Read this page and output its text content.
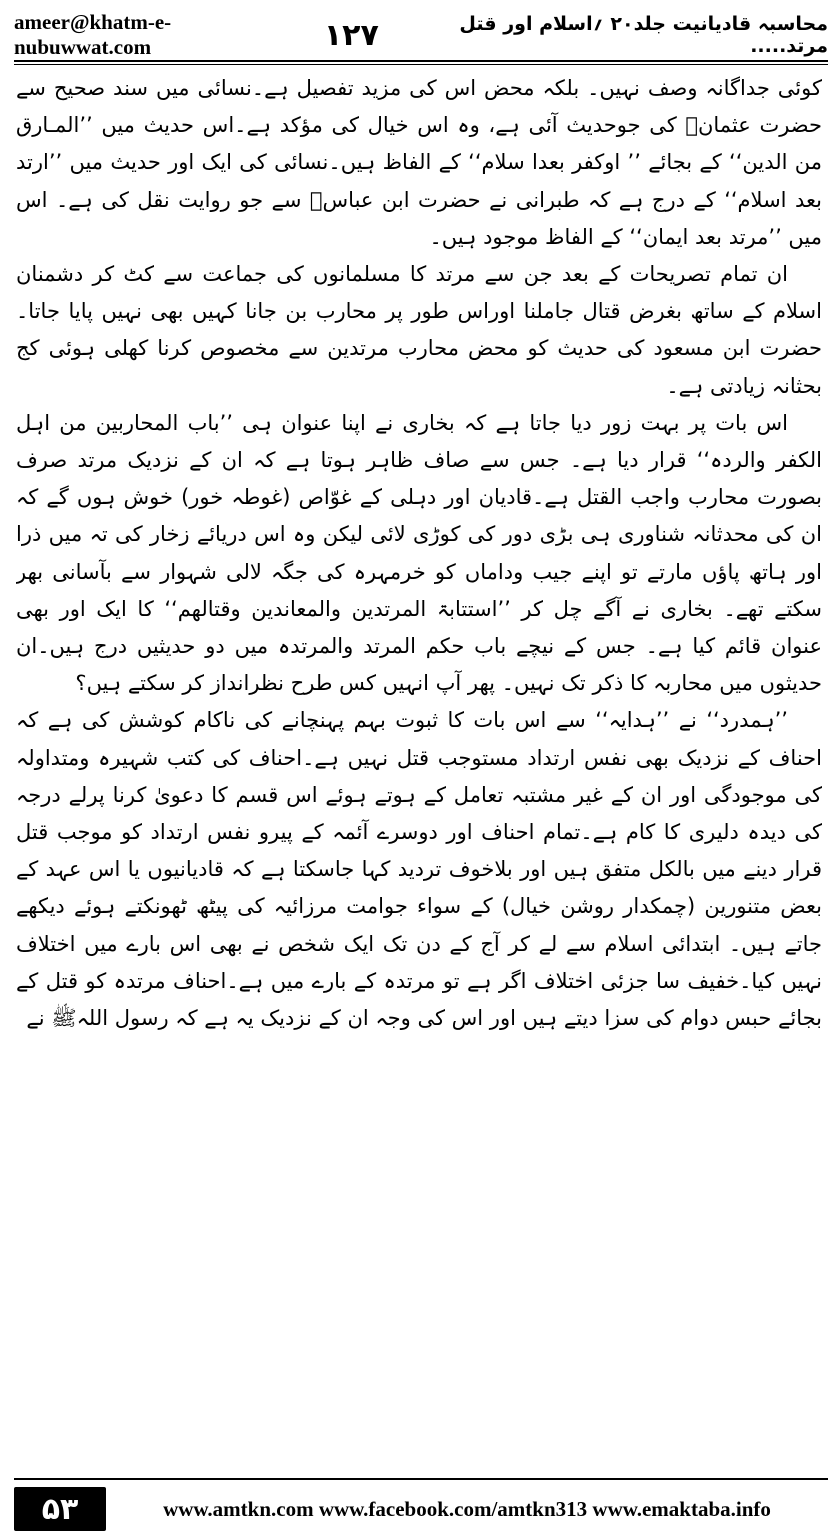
ameer@khatm-e-nubuwwat.com	۱۲۷	محاسبہ قادیانیت جلد۲۰ ؍اسلام اور قتل مرتد.....

کوئی جداگانہ وصف نہیں۔ بلکہ محض اس کی مزید تفصیل ہے۔نسائی میں سند صحیح سے حضرت عثمانؓ کی جوحدیث آئی ہے، وہ اس خیال کی مؤکد ہے۔اس حدیث میں ’’المـارق من الدین‘‘ کے بجائے ’’ اوکفر بعدا سلام‘‘ کے الفاظ ہیں۔نسائی کی ایک اور حدیث میں ’’ارتد بعد اسلام‘‘ کے درج ہے کہ طبرانی نے حضرت ابن عباسؓ سے جو روایت نقل کی ہے۔ اس میں ’’مرتد بعد ایمان‘‘ کے الفاظ موجود ہیں۔

ان تمام تصریحات کے بعد جن سے مرتد کا مسلمانوں کی جماعت سے کٹ کر دشمنان اسلام کے ساتھ بغرض قتال جاملنا اوراس طور پر محارب بن جانا کہیں بھی نہیں پایا جاتا۔حضرت ابن مسعود کی حدیث کو محض محارب مرتدین سے مخصوص کرنا کھلی ہوئی کج بحثانہ زیادتی ہے۔

اس بات پر بہت زور دیا جاتا ہے کہ بخاری نے اپنا عنوان ہی ’’باب المحاربین من اہل الکفر والردہ‘‘ قرار دیا ہے۔ جس سے صاف ظاہر ہوتا ہے کہ ان کے نزدیک مرتد صرف بصورت محارب واجب القتل ہے۔قادیان اور دہلی کے غوّاص (غوطہ خور) خوش ہوں گے کہ ان کی محدثانہ شناوری ہی بڑی دور کی کوڑی لائی لیکن وہ اس دریائے زخار کی تہ میں ذرا اور ہاتھ پاؤں مارتے تو اپنے جیب وداماں کو خرمہرہ کی جگہ لالی شہوار سے بآسانی بھر سکتے تھے۔ بخاری نے آگے چل کر ’’استتابۃ المرتدین والمعاندین وقتالھم‘‘ کا ایک اور بھی عنوان قائم کیا ہے۔ جس کے نیچے باب حکم المرتد والمرتدہ میں دو حدیثیں درج ہیں۔ان حدیثوں میں محاربہ کا ذکر تک نہیں۔ پھر آپ انہیں کس طرح نظرانداز کر سکتے ہیں؟

’’ہمدرد‘‘ نے ’’ہدایہ‘‘ سے اس بات کا ثبوت بہم پہنچانے کی ناکام کوشش کی ہے کہ احناف کے نزدیک بھی نفس ارتداد مستوجب قتل نہیں ہے۔احناف کی کتب شہیرہ ومتداولہ کی موجودگی اور ان کے غیر مشتبہ تعامل کے ہوتے ہوئے اس قسم کا دعویٰ کرنا پرلے درجہ کی دیدہ دلیری کا کام ہے۔تمام احناف اور دوسرے آئمہ کے پیرو نفس ارتداد کو موجب قتل قرار دینے میں بالکل متفق ہیں اور بلاخوف تردید کہا جاسکتا ہے کہ قادیانیوں یا اس عہد کے بعض متنورین (چمکدار روشن خیال) کے سواء جوامت مرزائیہ کی پیٹھ ٹھونکتے ہوئے دیکھے جاتے ہیں۔ ابتدائی اسلام سے لے کر آج کے دن تک ایک شخص نے بھی اس بارے میں اختلاف نہیں کیا۔خفیف سا جزئی اختلاف اگر ہے تو مرتدہ کے بارے میں ہے۔احناف مرتدہ کو قتل کے بجائے حبس دوام کی سزا دیتے ہیں اور اس کی وجہ ان کے نزدیک یہ ہے کہ رسول اللہﷺ نے

۵۳	www.amtkn.com www.facebook.com/amtkn313 www.emaktaba.info
